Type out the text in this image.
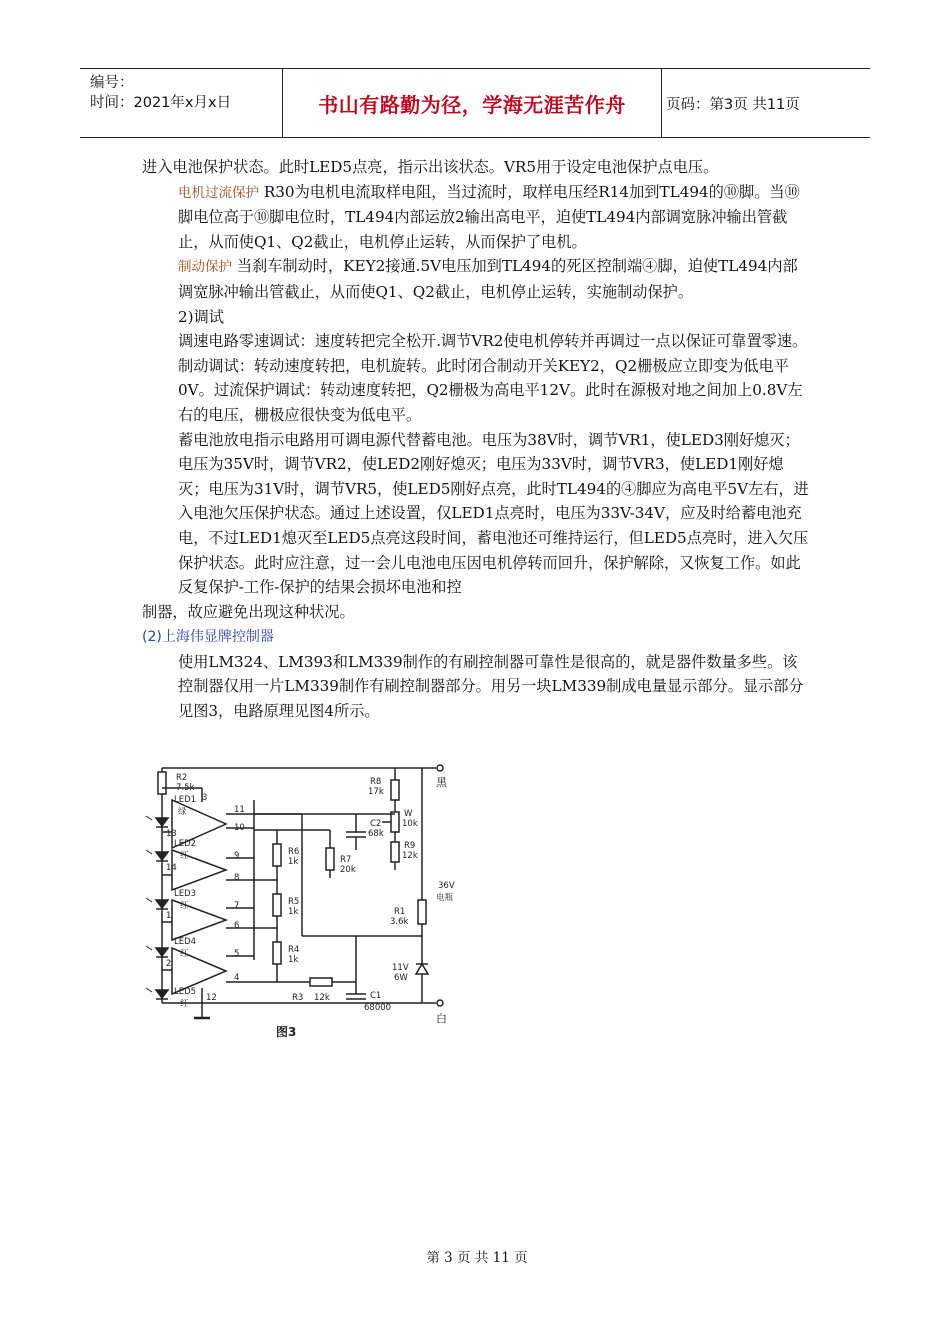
编号：
时间：2021年x月x日	书山有路勤为径，学海无涯苦作舟	页码：第3页 共11页

进入电池保护状态。此时LED5点亮，指示出该状态。VR5用于设定电池保护点电压。

电机过流保护 R30为电机电流取样电阻，当过流时，取样电压经R14加到TL494的⑩脚。当⑩脚电位高于⑩脚电位时，TL494内部运放2输出高电平，迫使TL494内部调宽脉冲输出管截止，从而使Q1、Q2截止，电机停止运转，从而保护了电机。

制动保护 当刹车制动时，KEY2接通.5V电压加到TL494的死区控制端④脚，迫使TL494内部调宽脉冲输出管截止，从而使Q1、Q2截止，电机停止运转，实施制动保护。

2)调试

调速电路零速调试：速度转把完全松开.调节VR2使电机停转并再调过一点以保证可靠置零速。制动调试：转动速度转把，电机旋转。此时闭合制动开关KEY2，Q2栅极应立即变为低电平0V。过流保护调试：转动速度转把，Q2栅极为高电平12V。此时在源极对地之间加上0.8V左右的电压，栅极应很快变为低电平。

蓄电池放电指示电路用可调电源代替蓄电池。电压为38V时，调节VR1，使LED3刚好熄灭；电压为35V时，调节VR2，使LED2刚好熄灭；电压为33V时，调节VR3，使LED1刚好熄灭；电压为31V时，调节VR5，使LED5刚好点亮，此时TL494的④脚应为高电平5V左右，进入电池欠压保护状态。通过上述设置，仅LED1点亮时，电压为33V-34V，应及时给蓄电池充电，不过LED1熄灭至LED5点亮这段时间，蓄电池还可维持运行，但LED5点亮时，进入欠压保护状态。此时应注意，过一会儿电池电压因电机停转而回升，保护解除，又恢复工作。如此反复保护-工作-保护的结果会损坏电池和控

制器，故应避免出现这种状况。

(2)上海伟显牌控制器

使用LM324、LM393和LM339制作的有刷控制器可靠性是很高的，就是器件数量多些。该控制器仅用一片LM339制作有刷控制器部分。用另一块LM339制成电量显示部分。显示部分见图3，电路原理见图4所示。

R2
7.5k
LED1
绿
3
11
10
13
LED2
红	9
8
14
LED3
红	7
6
1
LED4
红	5
4
2
LED5
红
12
R6
1k	R7
20k
R5
1k
R4
1k
R3 12k	C1
68000
C2
68k
R8
17k
W
10k
R9
12k
R1
3.6k
11V
6W
36V
电瓶
黑
白
图3
第 3 页 共 11 页
